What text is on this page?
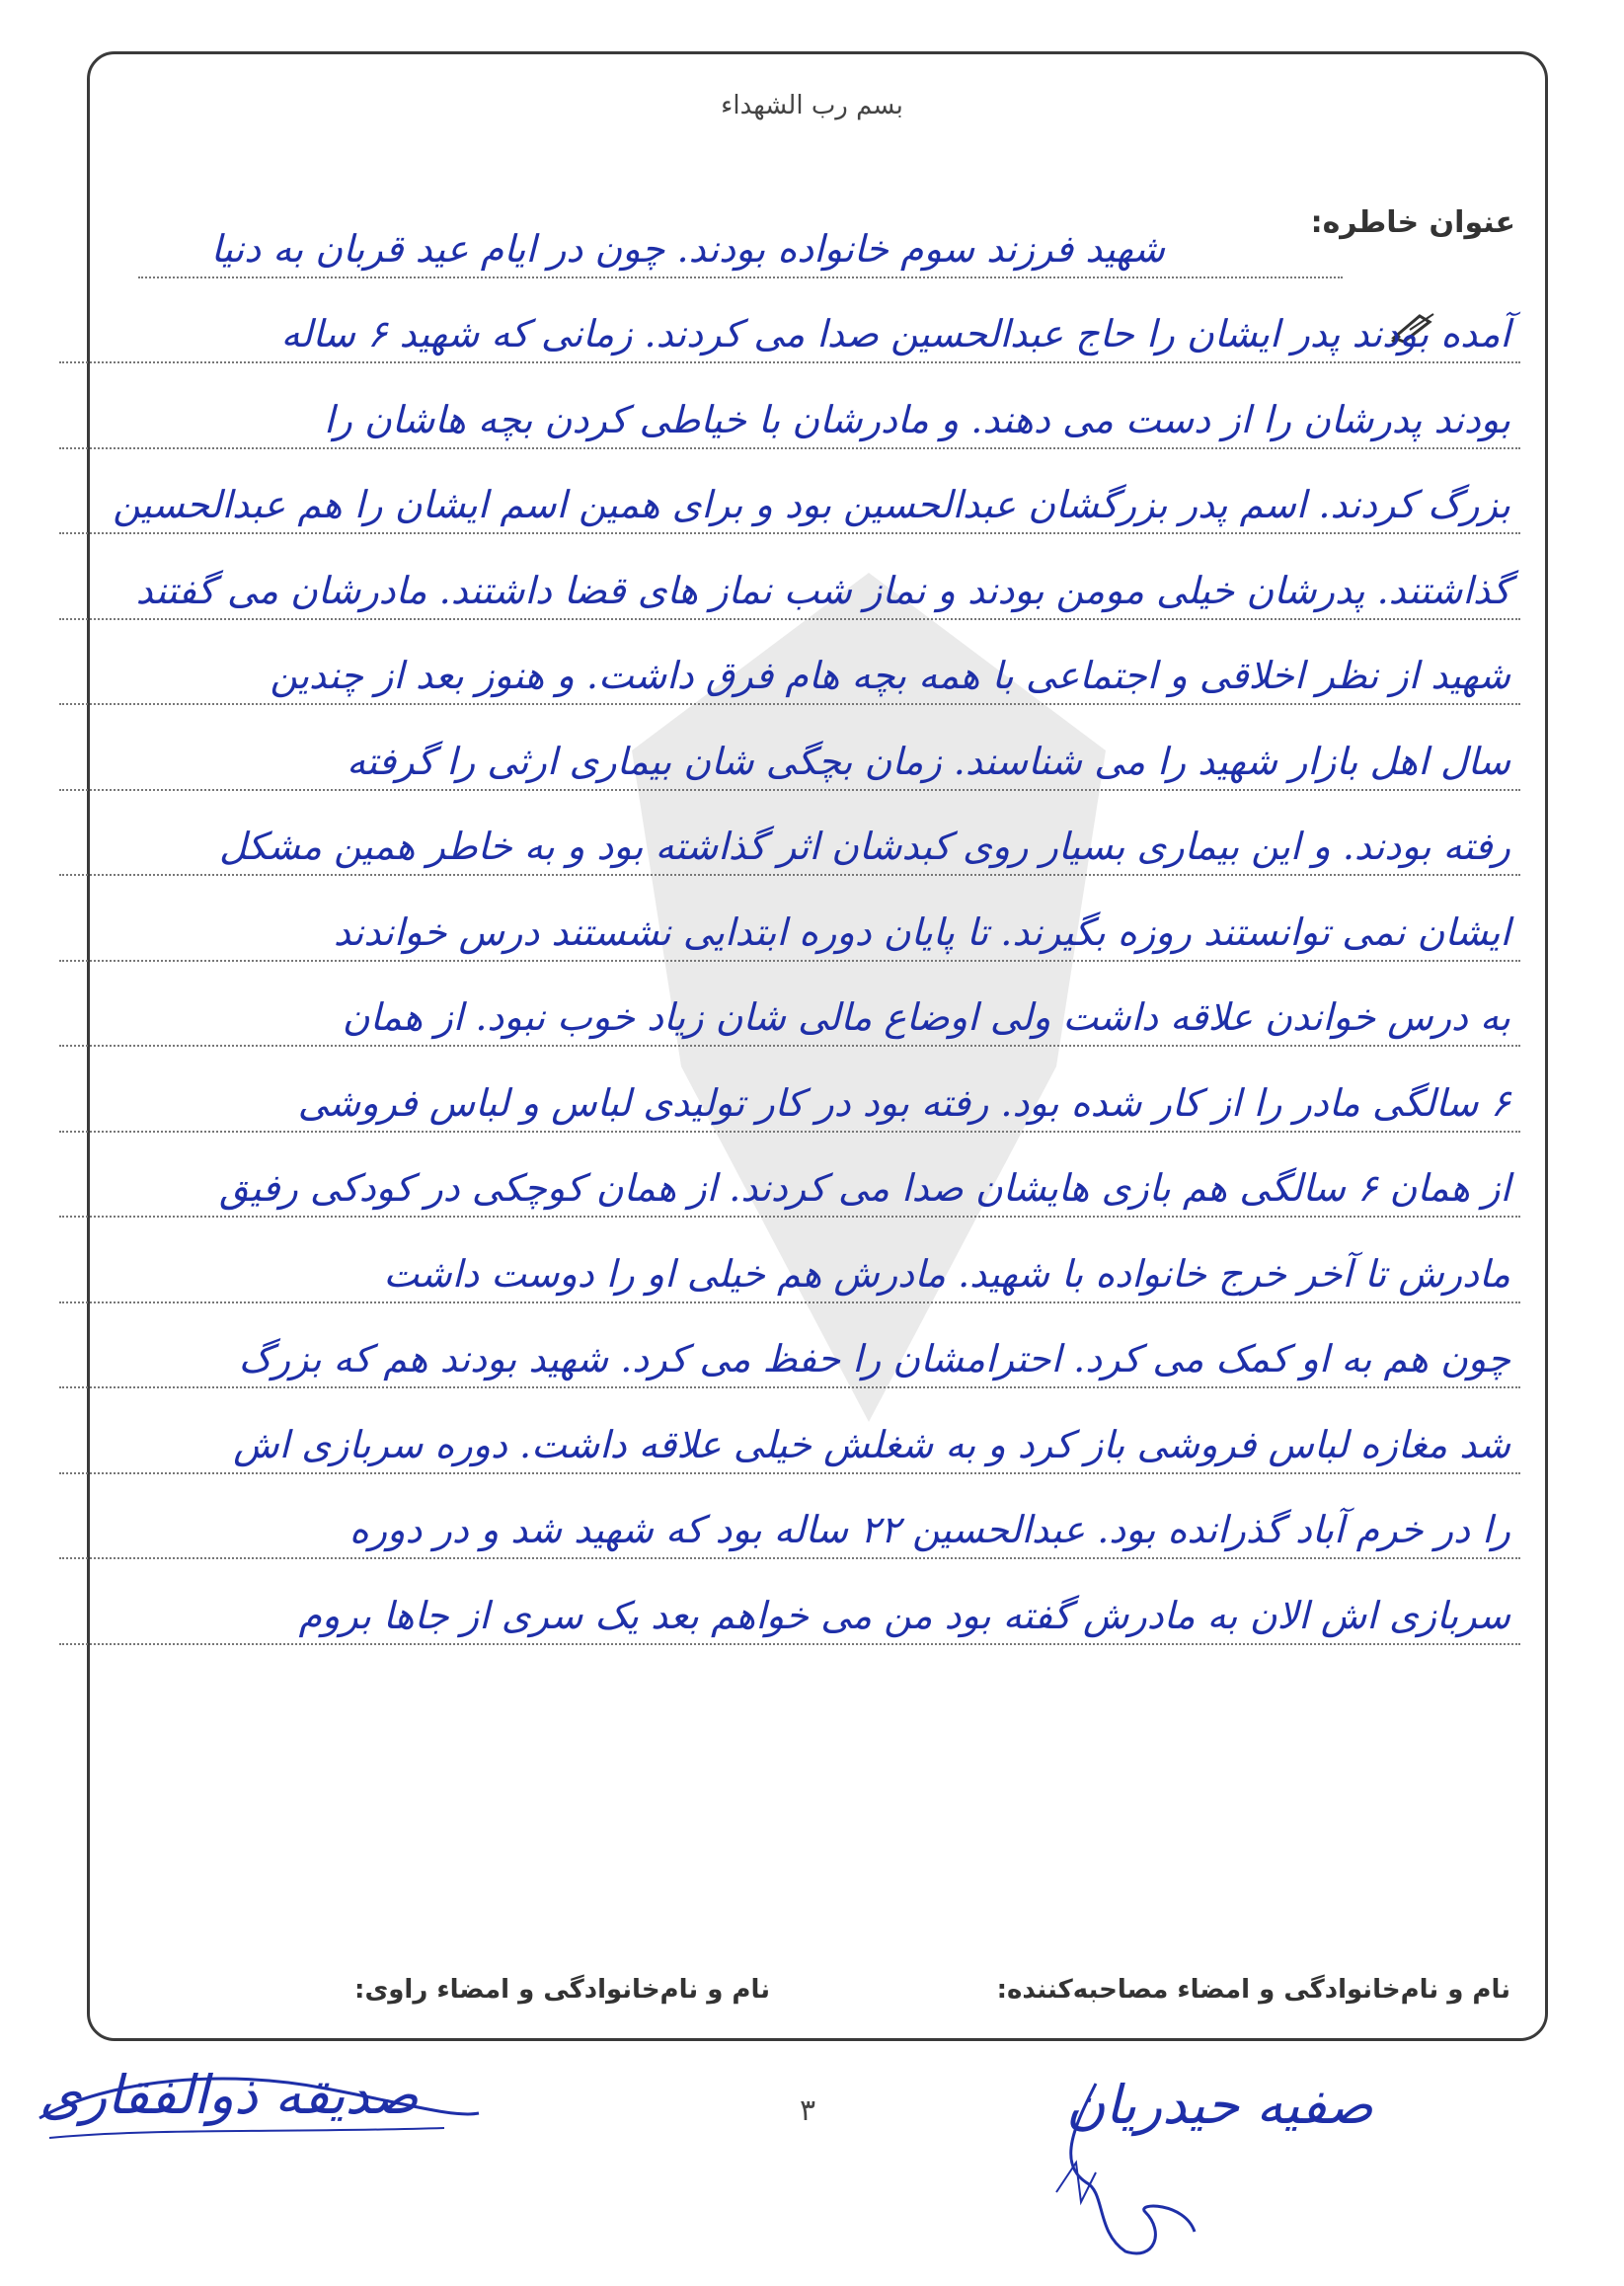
بسم رب الشهداء
عنوان خاطره:
شهید فرزند سوم خانواده بودند. چون در ایام عید قربان به دنیا
آمده بودند پدر ایشان را حاج عبدالحسین صدا می کردند. زمانی که شهید ۶ ساله
بودند پدرشان را از دست می دهند. و مادرشان با خیاطی کردن بچه هاشان را
بزرگ کردند. اسم پدر بزرگشان عبدالحسین بود و برای همین اسم ایشان را هم عبدالحسین
گذاشتند. پدرشان خیلی مومن بودند و نماز شب نماز های قضا داشتند. مادرشان می گفتند
شهید از نظر اخلاقی و اجتماعی با همه بچه هام فرق داشت. و هنوز بعد از چندین
سال اهل بازار شهید را می شناسند. زمان بچگی شان بیماری ارثی را گرفته
رفته بودند. و این بیماری بسیار روی کبدشان اثر گذاشته بود و به خاطر همین مشکل
ایشان نمی توانستند روزه بگیرند. تا پایان دوره ابتدایی نشستند درس خواندند
به درس خواندن علاقه داشت ولی اوضاع مالی شان زیاد خوب نبود. از همان
۶ سالگی مادر را از کار شده بود. رفته بود در کار تولیدی لباس و لباس فروشی
از همان ۶ سالگی هم بازی هایشان صدا می کردند. از همان کوچکی در کودکی رفیق
مادرش تا آخر خرج خانواده با شهید. مادرش هم خیلی او را دوست داشت
چون هم به او کمک می کرد. احترامشان را حفظ می کرد. شهید بودند هم که بزرگ
شد مغازه لباس فروشی باز کرد و به شغلش خیلی علاقه داشت. دوره سربازی اش
را در خرم آباد گذرانده بود. عبدالحسین ۲۲ ساله بود که شهید شد و در دوره
سربازی اش الان به مادرش گفته بود من می خواهم بعد یک سری از جاها بروم
نام و نام‌خانوادگی و امضاء مصاحبه‌کننده:
نام و نام‌خانوادگی و امضاء راوی:
۳
صدیقه ذوالفقاری	صفیه حیدریان
